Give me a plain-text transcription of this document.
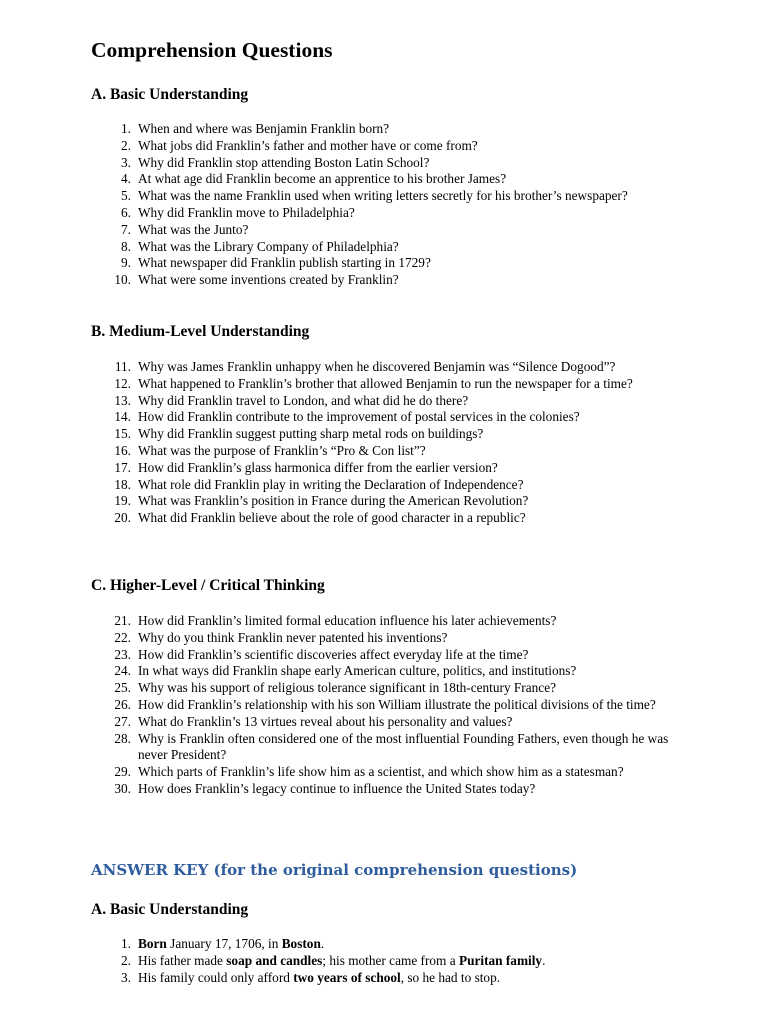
Comprehension Questions
A. Basic Understanding
1. When and where was Benjamin Franklin born?
2. What jobs did Franklin’s father and mother have or come from?
3. Why did Franklin stop attending Boston Latin School?
4. At what age did Franklin become an apprentice to his brother James?
5. What was the name Franklin used when writing letters secretly for his brother’s newspaper?
6. Why did Franklin move to Philadelphia?
7. What was the Junto?
8. What was the Library Company of Philadelphia?
9. What newspaper did Franklin publish starting in 1729?
10. What were some inventions created by Franklin?
B. Medium-Level Understanding
11. Why was James Franklin unhappy when he discovered Benjamin was “Silence Dogood”?
12. What happened to Franklin’s brother that allowed Benjamin to run the newspaper for a time?
13. Why did Franklin travel to London, and what did he do there?
14. How did Franklin contribute to the improvement of postal services in the colonies?
15. Why did Franklin suggest putting sharp metal rods on buildings?
16. What was the purpose of Franklin’s “Pro & Con list”?
17. How did Franklin’s glass harmonica differ from the earlier version?
18. What role did Franklin play in writing the Declaration of Independence?
19. What was Franklin’s position in France during the American Revolution?
20. What did Franklin believe about the role of good character in a republic?
C. Higher-Level / Critical Thinking
21. How did Franklin’s limited formal education influence his later achievements?
22. Why do you think Franklin never patented his inventions?
23. How did Franklin’s scientific discoveries affect everyday life at the time?
24. In what ways did Franklin shape early American culture, politics, and institutions?
25. Why was his support of religious tolerance significant in 18th-century France?
26. How did Franklin’s relationship with his son William illustrate the political divisions of the time?
27. What do Franklin’s 13 virtues reveal about his personality and values?
28. Why is Franklin often considered one of the most influential Founding Fathers, even though he was never President?
29. Which parts of Franklin’s life show him as a scientist, and which show him as a statesman?
30. How does Franklin’s legacy continue to influence the United States today?
ANSWER KEY (for the original comprehension questions)
A. Basic Understanding
1. Born January 17, 1706, in Boston.
2. His father made soap and candles; his mother came from a Puritan family.
3. His family could only afford two years of school, so he had to stop.
